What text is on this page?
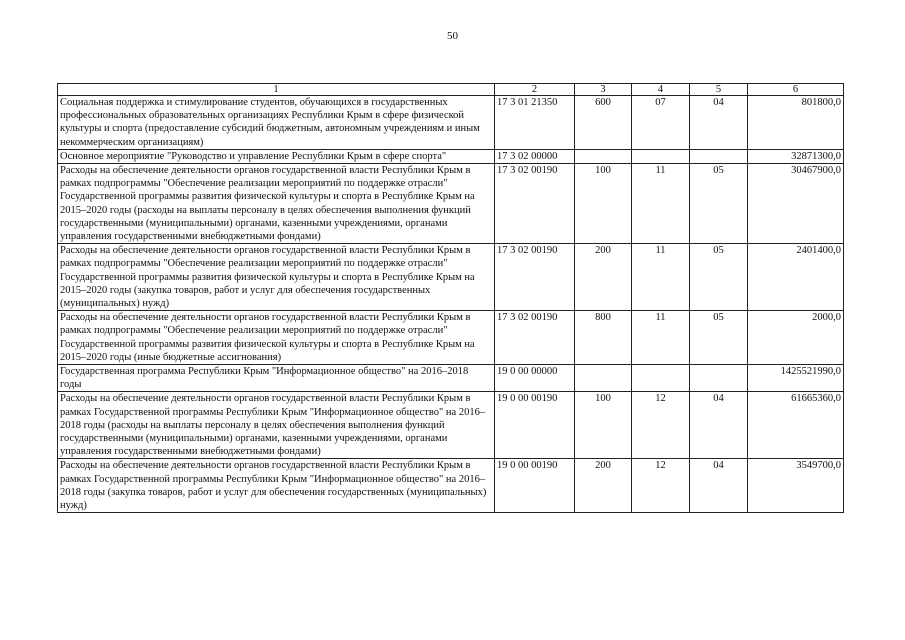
50
1	2	3	4	5	6
Социальная поддержка и стимулирование студентов, обучающихся в государственных профессиональных образовательных организациях Республики Крым в сфере физической культуры и спорта (предоставление субсидий бюджетным, автономным учреждениям и иным некоммерческим организациям)	17 3 01 21350	600	07	04	801800,0
Основное мероприятие "Руководство и управление Республики Крым в сфере спорта"	17 3 02 00000				32871300,0
Расходы на обеспечение деятельности органов государственной власти Республики Крым в рамках подпрограммы "Обеспечение реализации мероприятий по поддержке отрасли" Государственной программы развития физической культуры и спорта в Республике Крым на 2015–2020 годы (расходы на выплаты персоналу в целях обеспечения выполнения функций государственными (муниципальными) органами, казенными учреждениями, органами управления государственными внебюджетными фондами)	17 3 02 00190	100	11	05	30467900,0
Расходы на обеспечение деятельности органов государственной власти Республики Крым в рамках подпрограммы "Обеспечение реализации мероприятий по поддержке отрасли" Государственной программы развития физической культуры и спорта в Республике Крым на 2015–2020 годы (закупка товаров, работ и услуг для обеспечения государственных (муниципальных) нужд)	17 3 02 00190	200	11	05	2401400,0
Расходы на обеспечение деятельности органов государственной власти Республики Крым в рамках подпрограммы "Обеспечение реализации мероприятий по поддержке отрасли" Государственной программы развития физической культуры и спорта в Республике Крым на 2015–2020 годы (иные бюджетные ассигнования)	17 3 02 00190	800	11	05	2000,0
Государственная программа Республики Крым "Информационное общество" на 2016–2018 годы	19 0 00 00000				1425521990,0
Расходы на обеспечение деятельности органов государственной власти Республики Крым в рамках Государственной программы Республики Крым "Информационное общество" на 2016–2018 годы (расходы на выплаты персоналу в целях обеспечения выполнения функций государственными (муниципальными) органами, казенными учреждениями, органами управления государственными внебюджетными фондами)	19 0 00 00190	100	12	04	61665360,0
Расходы на обеспечение деятельности органов государственной власти Республики Крым в рамках Государственной программы Республики Крым "Информационное общество" на 2016–2018 годы (закупка товаров, работ и услуг для обеспечения государственных (муниципальных) нужд)	19 0 00 00190	200	12	04	3549700,0
